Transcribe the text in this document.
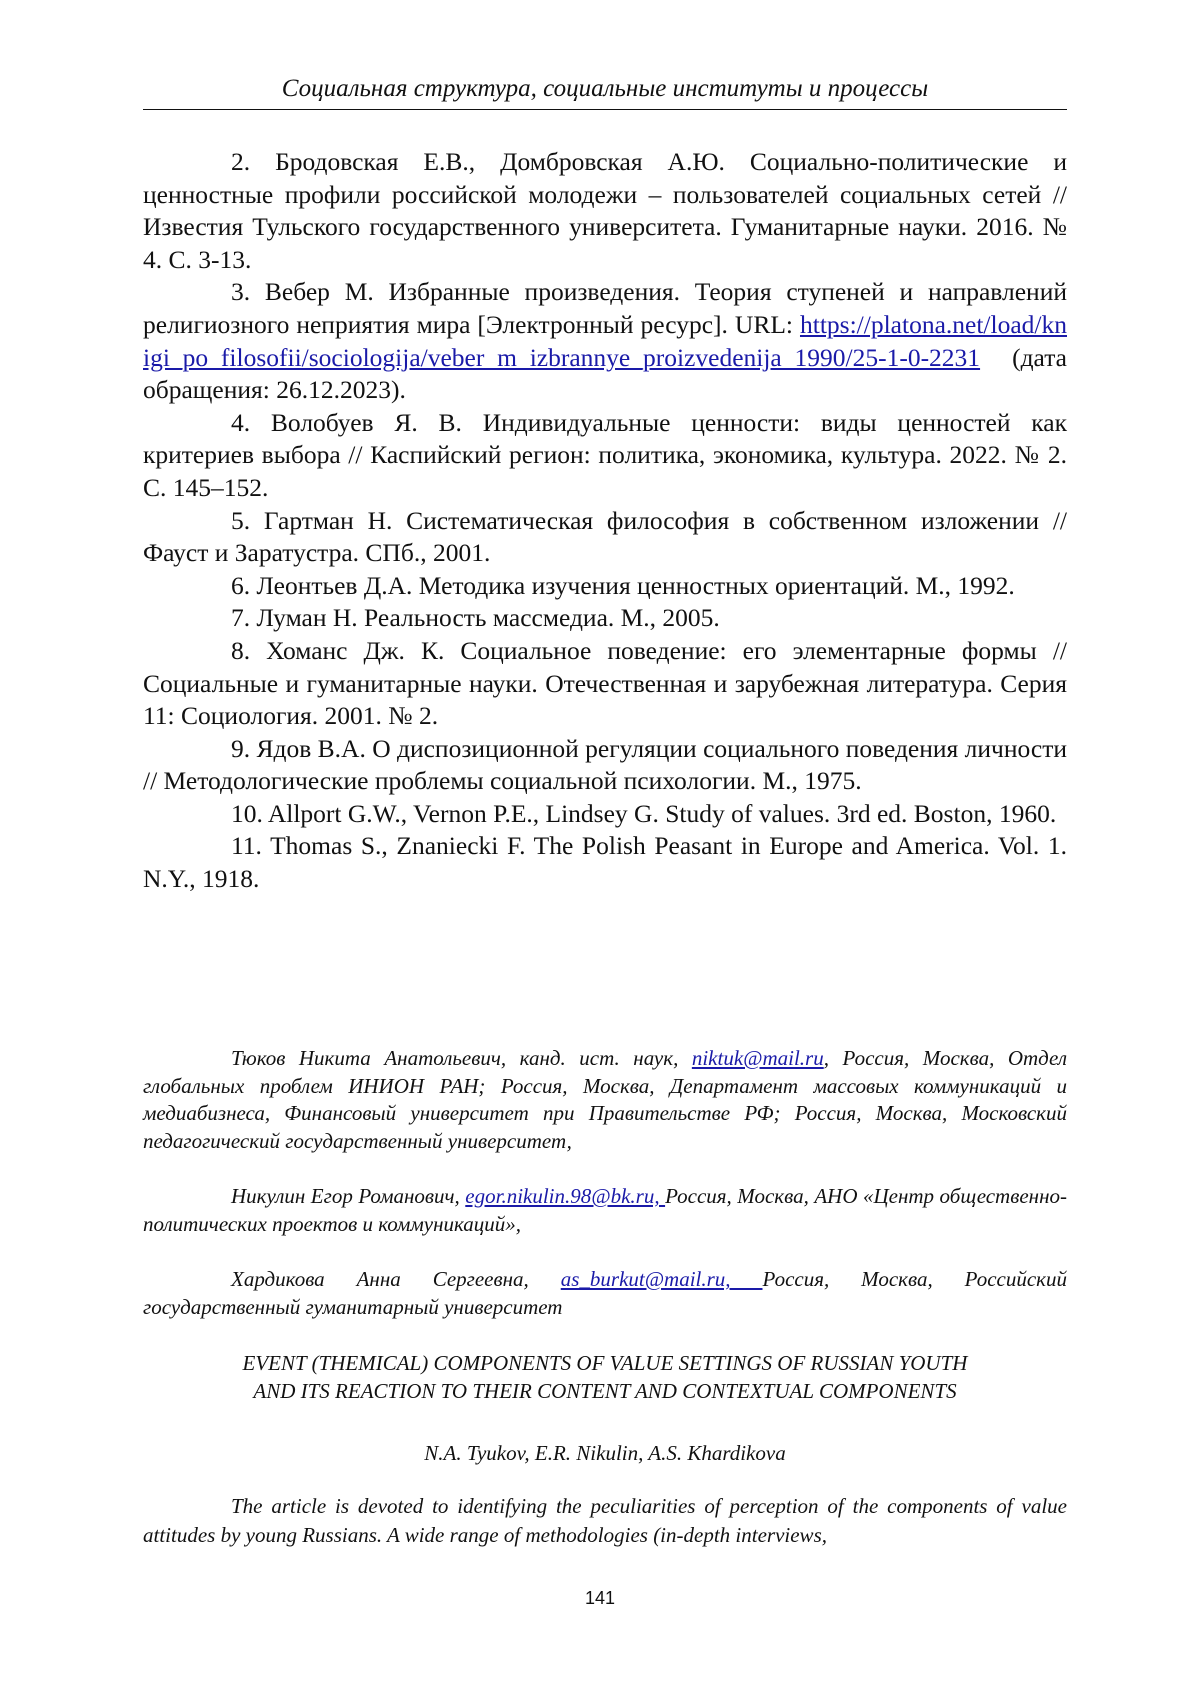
Социальная структура, социальные институты и процессы

2. Бродовская Е.В., Домбровская А.Ю. Социально-политические и ценностные профили российской молодежи – пользователей социальных сетей // Известия Тульского государственного университета. Гуманитарные науки. 2016. № 4. С. 3-13.

3. Вебер М. Избранные произведения. Теория ступеней и направлений религиозного неприятия мира [Электронный ресурс]. URL: https://platona.net/load/knigi_po_filosofii/sociologija/veber_m_izbrannye_proizvedenija_1990/25-1-0-2231 (дата обращения: 26.12.2023).

4. Волобуев Я. В. Индивидуальные ценности: виды ценностей как критериев выбора // Каспийский регион: политика, экономика, культура. 2022. № 2. С. 145–152.

5. Гартман Н. Систематическая философия в собственном изложении // Фауст и Заратустра. СПб., 2001.

6. Леонтьев Д.А. Методика изучения ценностных ориентаций. М., 1992.

7. Луман Н. Реальность массмедиа. М., 2005.

8. Хоманс Дж. К. Социальное поведение: его элементарные формы // Социальные и гуманитарные науки. Отечественная и зарубежная литература. Серия 11: Социология. 2001. № 2.

9. Ядов В.А. О диспозиционной регуляции социального поведения личности // Методологические проблемы социальной психологии. М., 1975.

10. Allport G.W., Vernon P.E., Lindsey G. Study of values. 3rd ed. Boston, 1960.

11. Thomas S., Znaniecki F. The Polish Peasant in Europe and America. Vol. 1. N.Y., 1918.

Тюков Никита Анатольевич, канд. ист. наук, niktuk@mail.ru, Россия, Москва, Отдел глобальных проблем ИНИОН РАН; Россия, Москва, Департамент массовых коммуникаций и медиабизнеса, Финансовый университет при Правительстве РФ; Россия, Москва, Московский педагогический государственный университет,

Никулин Егор Романович, egor.nikulin.98@bk.ru, Россия, Москва, АНО «Центр общественно-политических проектов и коммуникаций»,

Хардикова Анна Сергеевна, as_burkut@mail.ru, Россия, Москва, Российский государственный гуманитарный университет

EVENT (THEMICAL) COMPONENTS OF VALUE SETTINGS OF RUSSIAN YOUTH
AND ITS REACTION TO THEIR CONTENT AND CONTEXTUAL COMPONENTS
N.A. Tyukov, E.R. Nikulin, A.S. Khardikova

The article is devoted to identifying the peculiarities of perception of the components of value attitudes by young Russians. A wide range of methodologies (in-depth interviews,

141
